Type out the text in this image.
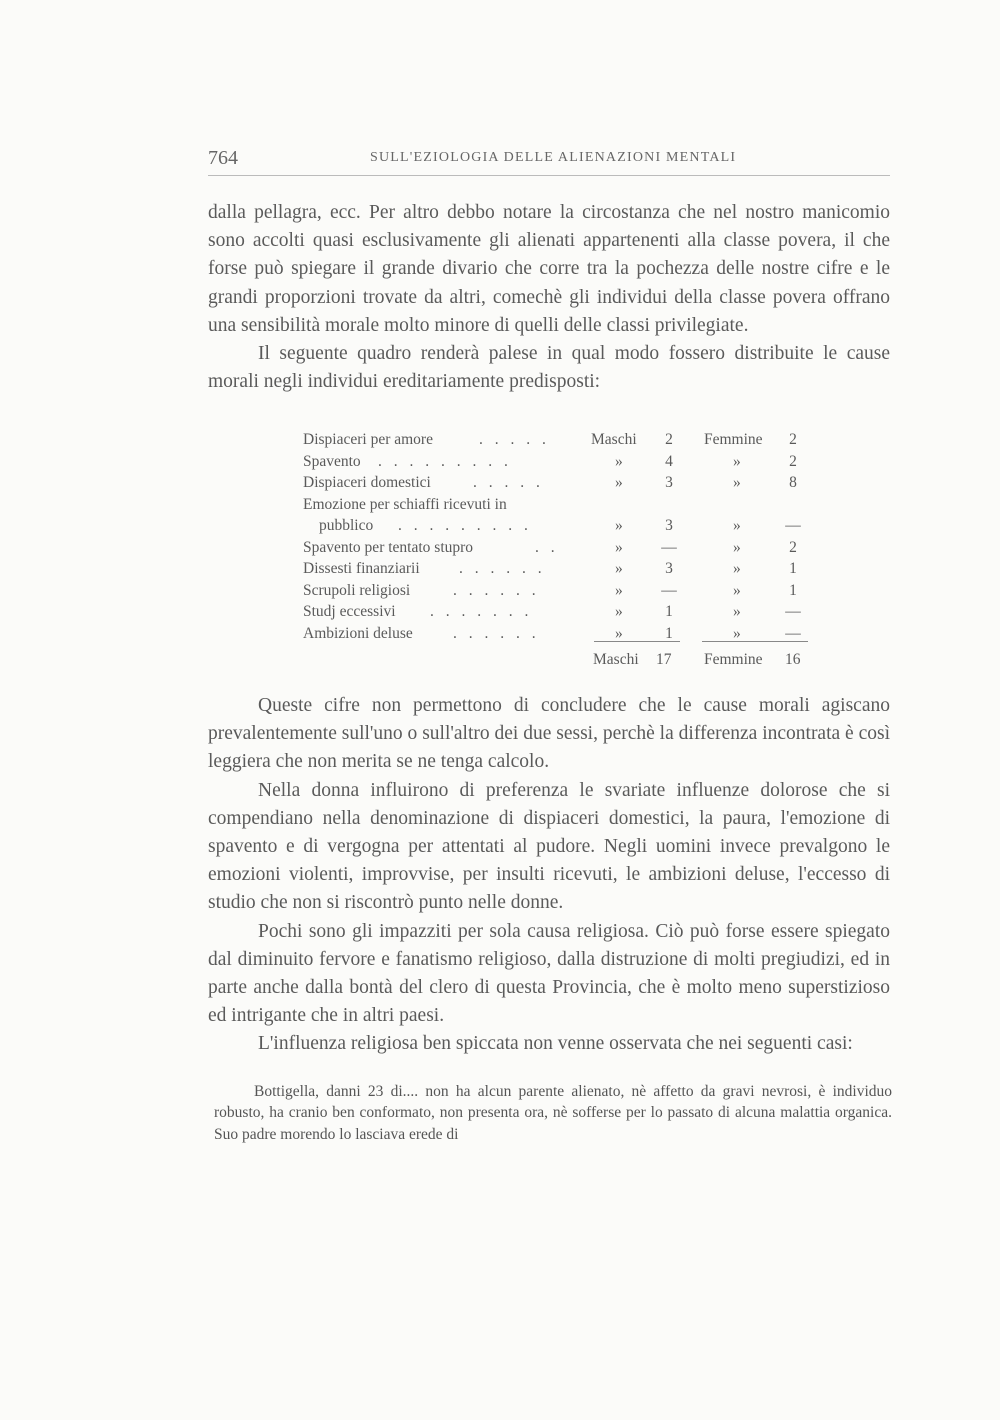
764	SULL'EZIOLOGIA DELLE ALIENAZIONI MENTALI

dalla pellagra, ecc. Per altro debbo notare la circostanza che nel nostro manicomio sono accolti quasi esclusivamente gli alienati appartenenti alla classe povera, il che forse può spiegare il grande divario che corre tra la pochezza delle nostre cifre e le grandi proporzioni trovate da altri, comechè gli individui della classe povera offrano una sensibilità morale molto minore di quelli delle classi privilegiate.

Il seguente quadro renderà palese in qual modo fossero distribuite le cause morali negli individui ereditariamente predisposti:

Dispiaceri per amore	. . . . .	Maschi	2	Femmine	2
Spavento . . . . . . . . .	»	4	»	2
Dispiaceri domestici	. . . . .	»	3	»	8
Emozione per schiaffi ricevuti in
pubblico . . . . . . . . .	»	3	»	—
Spavento per tentato stupro	. .	» —	»	2
Dissesti finanziarii	. . . . . .	»	3	»	1
Scrupoli religiosi	. . . . . .	» —	»	1
Studj eccessivi . . . . . . .	»	1	»	—
Ambizioni deluse	. . . . . .	»	1	»	—
Maschi 17 Femmine 16

Queste cifre non permettono di concludere che le cause morali agiscano prevalentemente sull'uno o sull'altro dei due sessi, perchè la differenza incontrata è così leggiera che non merita se ne tenga calcolo.

Nella donna influirono di preferenza le svariate influenze dolorose che si compendiano nella denominazione di dispiaceri domestici, la paura, l'emozione di spavento e di vergogna per attentati al pudore. Negli uomini invece prevalgono le emozioni violenti, improvvise, per insulti ricevuti, le ambizioni deluse, l'eccesso di studio che non si riscontrò punto nelle donne.

Pochi sono gli impazziti per sola causa religiosa. Ciò può forse essere spiegato dal diminuito fervore e fanatismo religioso, dalla distruzione di molti pregiudizi, ed in parte anche dalla bontà del clero di questa Provincia, che è molto meno superstizioso ed intrigante che in altri paesi.

L'influenza religiosa ben spiccata non venne osservata che nei seguenti casi:

Bottigella, danni 23 di.... non ha alcun parente alienato, nè affetto da gravi nevrosi, è individuo robusto, ha cranio ben conformato, non presenta ora, nè sofferse per lo passato di alcuna malattia organica. Suo padre morendo lo lasciava erede di
